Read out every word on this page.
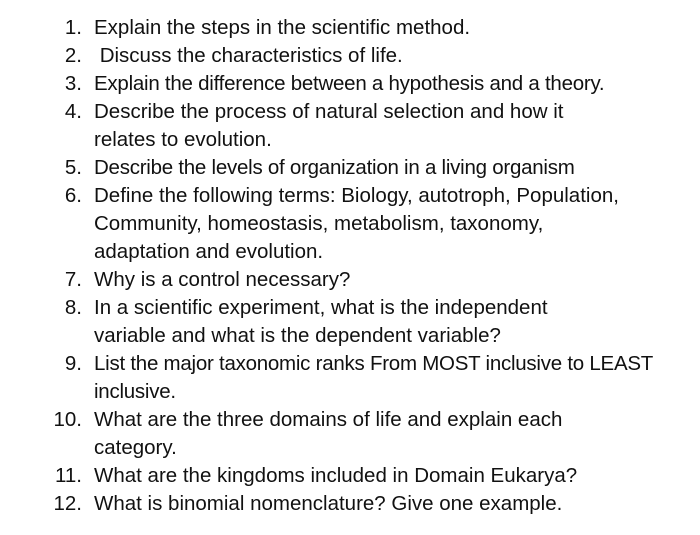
1. Explain the steps in the scientific method.
2. Discuss the characteristics of life.
3. Explain the difference between a hypothesis and a theory.
4. Describe the process of natural selection and how it relates to evolution.
5. Describe the levels of organization in a living organism
6. Define the following terms: Biology, autotroph, Population, Community, homeostasis, metabolism, taxonomy, adaptation and evolution.
7. Why is a control necessary?
8. In a scientific experiment, what is the independent variable and what is the dependent variable?
9. List the major taxonomic ranks From MOST inclusive to LEAST inclusive.
10. What are the three domains of life and explain each category.
11. What are the kingdoms included in Domain Eukarya?
12. What is binomial nomenclature? Give one example.
